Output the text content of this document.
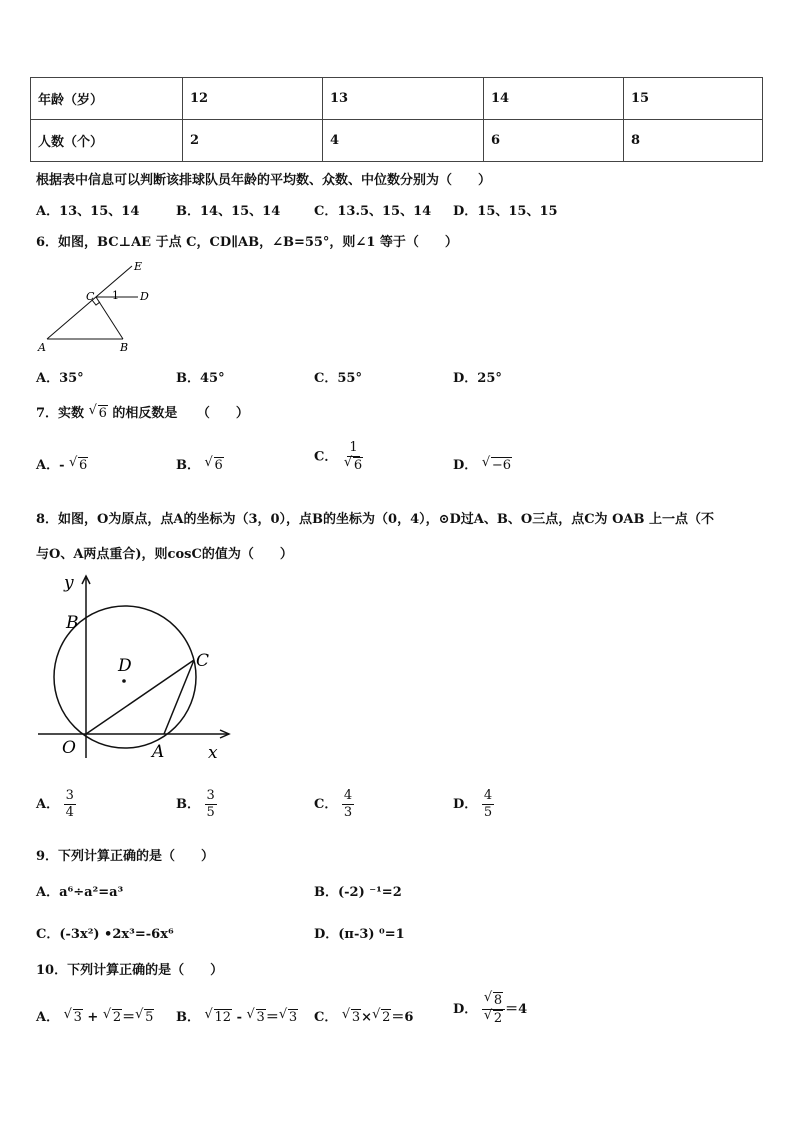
年龄（岁）	12	13	14	15
人数（个）	2	4	6	8
根据表中信息可以判断该排球队员年龄的平均数、众数、中位数分别为（　　）
A．13、15、14	B．14、15、14	C．13.5、15、14 D．15、15、15
6．如图，BC⊥AE 于点 C，CD∥AB，∠B=55°，则∠1 等于（　　）
E
C 1 D
A	B
A．35°	B．45°	C．55°	D．25°
7．实数 √ 6 的相反数是　　（　　）
A．- √ 6	B． √ 6
C． 1
√ 6	D． √ −6
8．如图，O为原点，点A的坐标为（3，0），点B的坐标为（0，4），⊙D过A、B、O三点，点C为 OAB 上一点（不
与O、A两点重合)，则cosC的值为（　　）
y
B
D	C
O	A	x
A． $\frac{3}{4}$	B． $\frac{3}{5}$	C． $\frac{4}{3}$	D． $\frac{4}{5}$
9．下列计算正确的是（　　）
A．a⁶÷a²=a³	B．(-2) ⁻¹=2
C．(-3x²) •2x³=-6x⁶	D．(π-3) ⁰=1
10．下列计算正确的是（　　）
A． √ 3 + √ 2＝ √ 5 B． √ 12 - √ 3＝ √ 3 C． √ 3× √ 2＝6
D． √ 8
√ 2 ＝4
